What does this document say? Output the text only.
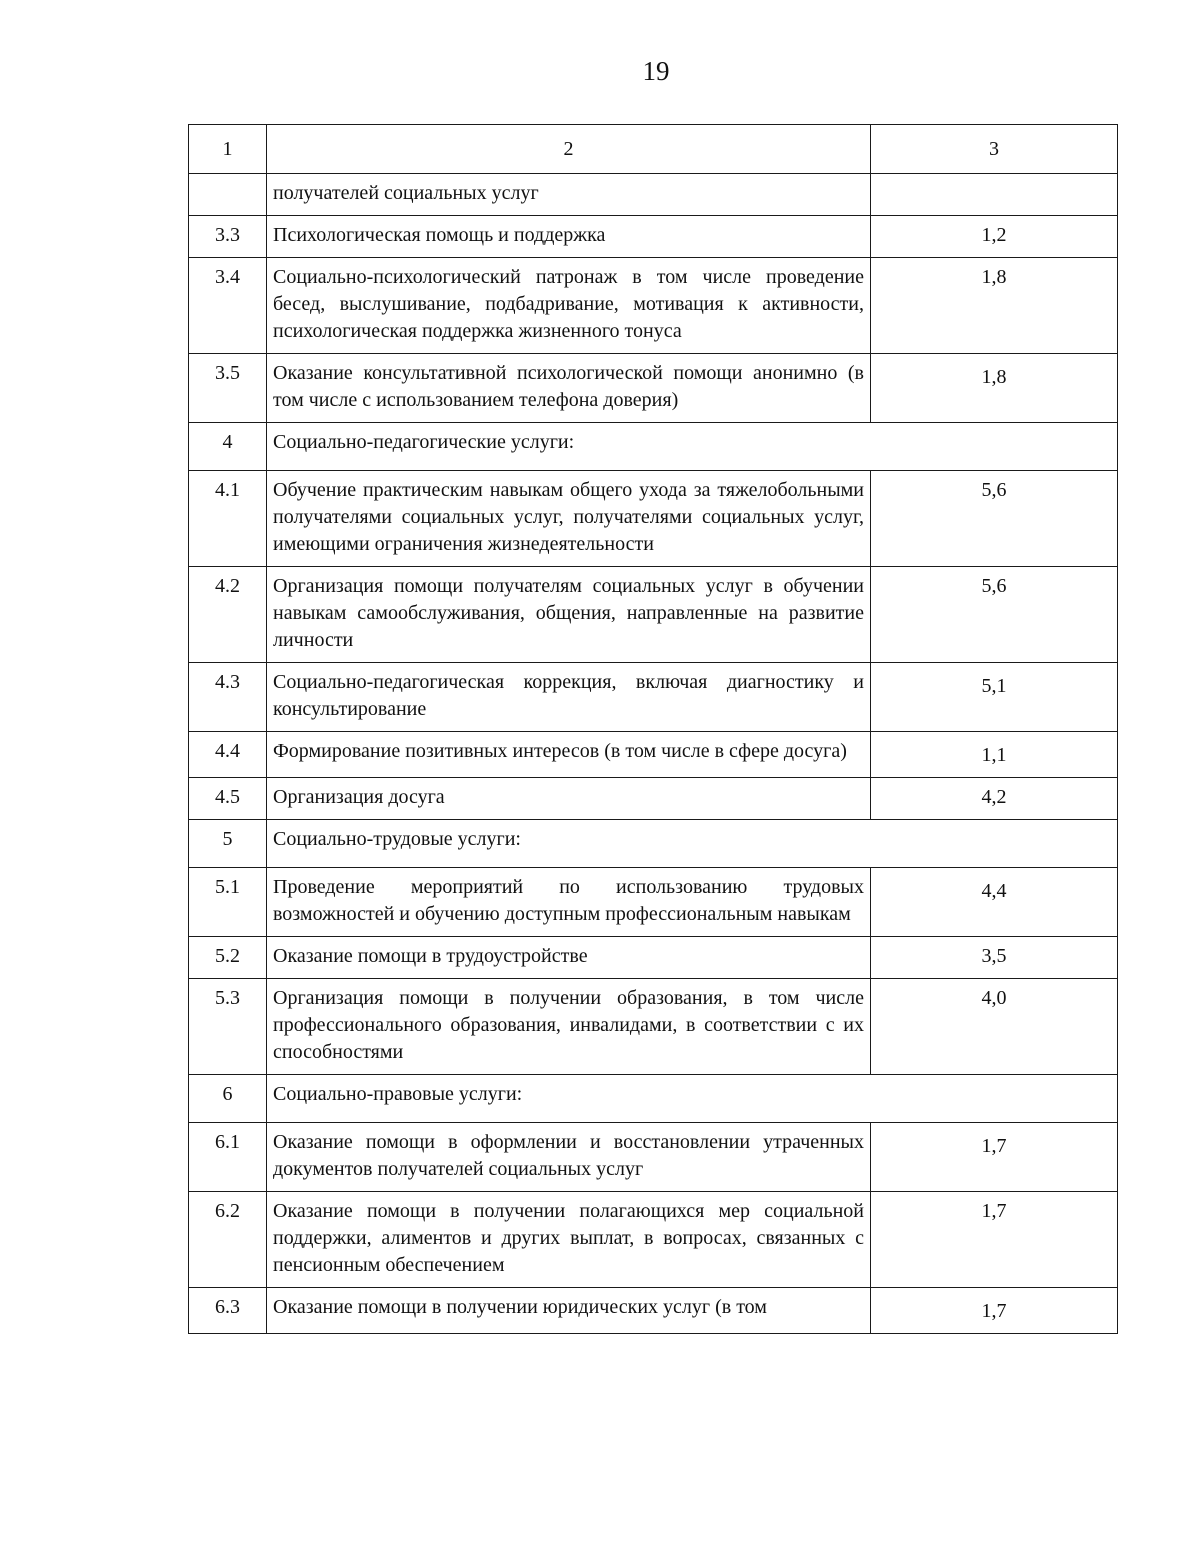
19
1	2	3
	получателей социальных услуг	
3.3	Психологическая помощь и поддержка	1,2
3.4	Социально-психологический патронаж в том числе проведение бесед, выслушивание, подбадривание, мотивация к активности, психологическая поддержка жизненного тонуса	1,8
3.5	Оказание консультативной психологической помощи анонимно (в том числе с использованием телефона доверия)	1,8
4	Социально-педагогические услуги:	
4.1	Обучение практическим навыкам общего ухода за тяжелобольными получателями социальных услуг, получателями социальных услуг, имеющими ограничения жизнедеятельности	5,6
4.2	Организация помощи получателям социальных услуг в обучении навыкам самообслуживания, общения, направленные на развитие личности	5,6
4.3	Социально-педагогическая коррекция, включая диагностику и консультирование	5,1
4.4	Формирование позитивных интересов (в том числе в сфере досуга)	1,1
4.5	Организация досуга	4,2
5	Социально-трудовые услуги:	
5.1	Проведение мероприятий по использованию трудовых возможностей и обучению доступным профессиональным навыкам	4,4
5.2	Оказание помощи в трудоустройстве	3,5
5.3	Организация помощи в получении образования, в том числе профессионального образования, инвалидами, в соответствии с их способностями	4,0
6	Социально-правовые услуги:	
6.1	Оказание помощи в оформлении и восстановлении утраченных документов получателей социальных услуг	1,7
6.2	Оказание помощи в получении полагающихся мер социальной поддержки, алиментов и других выплат, в вопросах, связанных с пенсионным обеспечением	1,7
6.3	Оказание помощи в получении юридических услуг (в том	1,7
